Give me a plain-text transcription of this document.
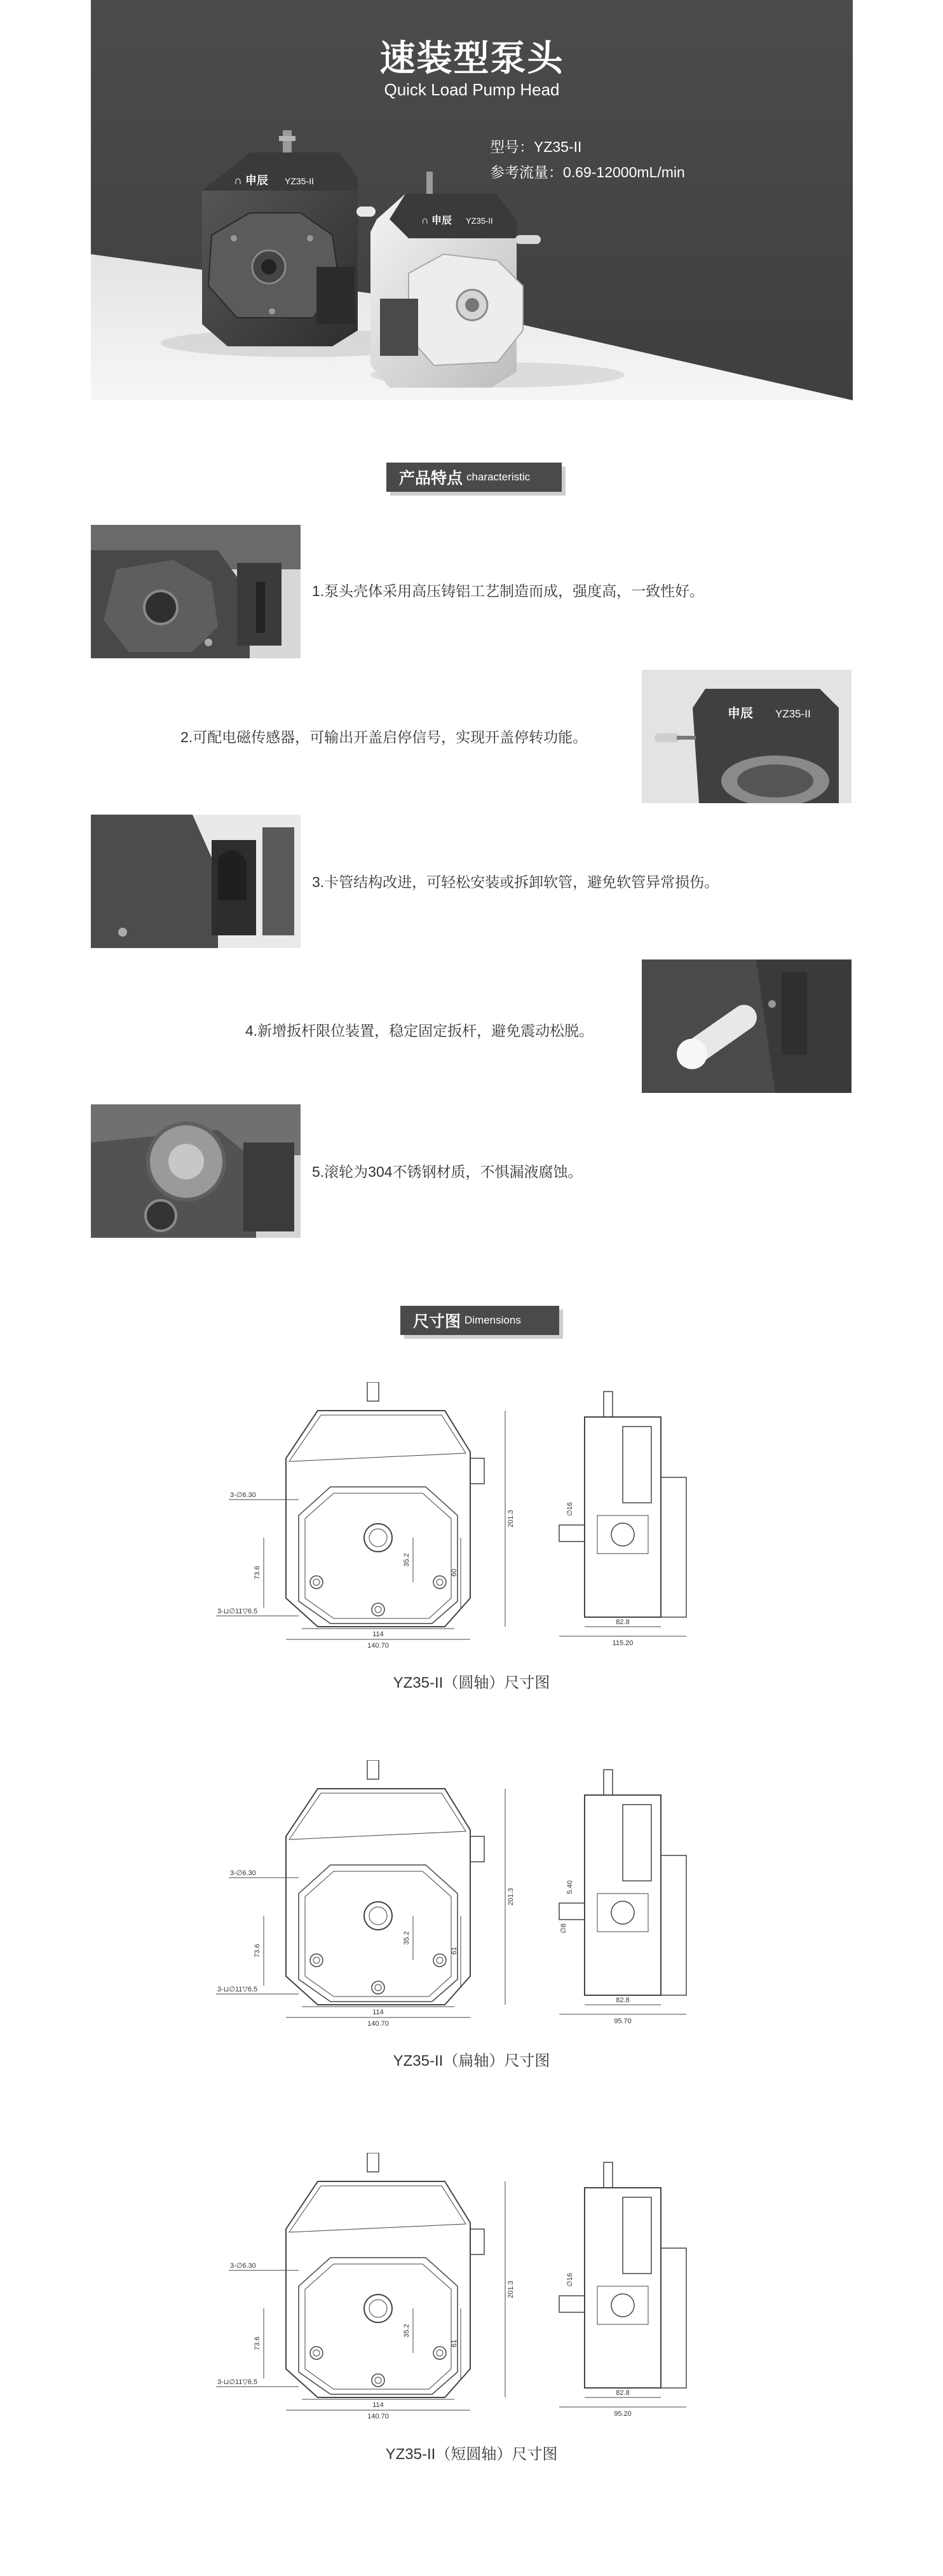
∩ 申辰 YZ35-II
∩ 申辰 YZ35-II
速装型泵头
Quick Load Pump Head
型号：YZ35-II
参考流量：0.69-12000mL/min
产品特点 characteristic
1.泵头壳体采用高压铸铝工艺制造而成，强度高，一致性好。
2.可配电磁传感器，可输出开盖启停信号，实现开盖停转功能。
申辰 YZ35-II
3.卡管结构改进，可轻松安装或拆卸软管，避免软管异常损伤。
4.新增扳杆限位装置，稳定固定扳杆，避免震动松脱。
5.滚轮为304不锈钢材质，不惧漏液腐蚀。
尺寸图 Dimensions
140.70
114
201.3
73.6
35.2
60
3-∅6.30
3-⊔∅11▽6.5
82.8
115.20
∅16
YZ35-II（圆轴）尺寸图
140.70
114
201.3
73.6
35.2
61
3-∅6.30
3-⊔∅11▽6.5
82.8
95.70
5.40
∅8
YZ35-II（扁轴）尺寸图
140.70
114
201.3
73.6
35.2
61
3-∅6.30
3-⊔∅11▽6.5
82.8
95.20
∅16
YZ35-II（短圆轴）尺寸图
